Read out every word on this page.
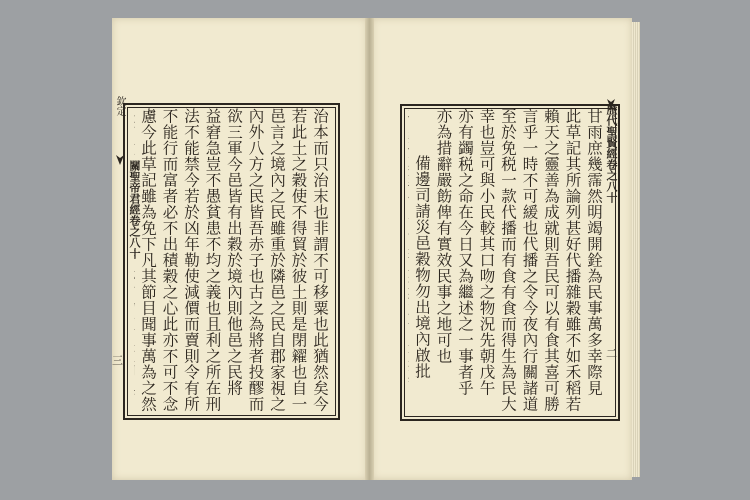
欽定
關聖帝君經卷之八十
三
歷代聖賢經卷之八十
二
治本而只治末也非謂不可移粟也此猶然矣今
若此土之穀使不得貿於彼土則是閉糴也自一
邑言之境內之民雖重於隣邑之民自郡家視之
內外八方之民皆吾赤子也古之為將者投醪而
欲三軍今邑皆有出穀於境內則他邑之民將
益窘急豈不愚貧患不均之義也且利之所在刑
法不能禁今若於凶年勒使減價而賣則令有所
不能行而富者必不出積穀之心此亦不可不念
慮今此草記雖為免下凡其節目聞事萬為之然	甘雨庶幾霈然明竭開銓為民事萬多幸際見
此草記其所論列甚好代播雜穀雖不如禾稻若
賴天之靈善為成就則吾民可以有食其喜可勝
言乎一時不可緩也代播之令今夜內行關諸道
至於免税一款代播而有食有食而得生為民大
幸也豈可與小民較其口吻之物況先朝戊午
亦有蠲税之命在今日又為繼述之一事者乎
亦為措辭嚴飭俾有實效民事之地可也
備邊司請災邑穀物勿出境內啟批
